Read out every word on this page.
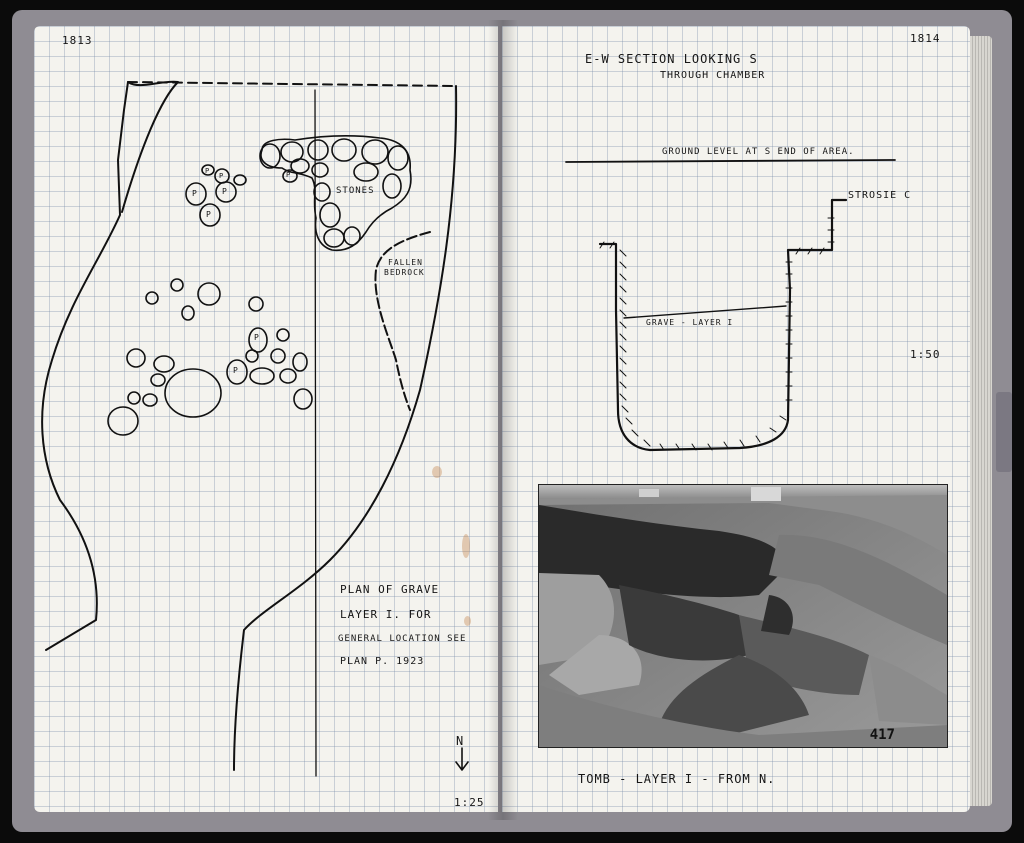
1813
STONES
FALLEN
BEDROCK
P
P
P	P
P
P
P
P
PLAN OF GRAVE
LAYER I. FOR
GENERAL LOCATION SEE
PLAN P. 1923
N
1:25
1814
E-W SECTION LOOKING S
THROUGH CHAMBER
GROUND LEVEL AT S END OF AREA.
STROSIE C
GRAVE - LAYER I
1:50
417
TOMB - LAYER I - FROM N.
